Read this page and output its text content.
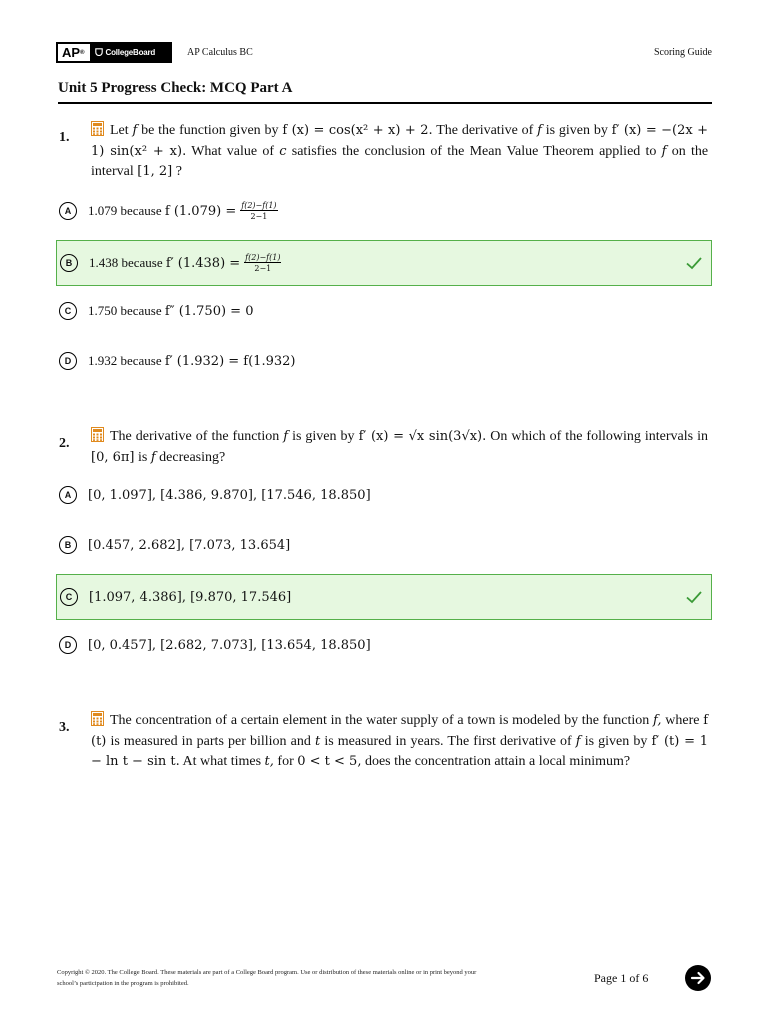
AP ®	CollegeBoard	AP Calculus BC	Scoring Guide
Unit 5 Progress Check: MCQ Part A
1.	Let f be the function given by f (x) = cos(x² + x) + 2. The derivative of f is given by f′ (x) = −(2x + 1) sin(x² + x). What value of c satisfies the conclusion of the Mean Value Theorem applied to f on the interval [1, 2] ?
A	1.079 because
f $(1.079) = \frac{f(2)-f(1)}{2-1}$
B	1.438 because
f′ $(1.438) = \frac{f(2)-f(1)}{2-1}$
C	1.750 because
f″ (1.750) = 0
D	1.932 because
f′ (1.932) = f(1.932)
2.	The derivative of the function f is given by f′ (x) = √x sin(3√x). On which of the following intervals in [0, 6π] is f decreasing?
A	[0, 1.097], [4.386, 9.870], [17.546, 18.850]
B	[0.457, 2.682], [7.073, 13.654]
C	[1.097, 4.386], [9.870, 17.546]
D	[0, 0.457], [2.682, 7.073], [13.654, 18.850]
3.	The concentration of a certain element in the water supply of a town is modeled by the function f, where f (t) is measured in parts per billion and t is measured in years. The first derivative of f is given by f′ (t) = 1 − ln t − sin t. At what times t, for 0 < t < 5, does the concentration attain a local minimum?
Copyright © 2020. The College Board. These materials are part of a College Board program. Use or distribution of these materials online or in print beyond your school’s participation in the program is prohibited.	Page 1 of 6
